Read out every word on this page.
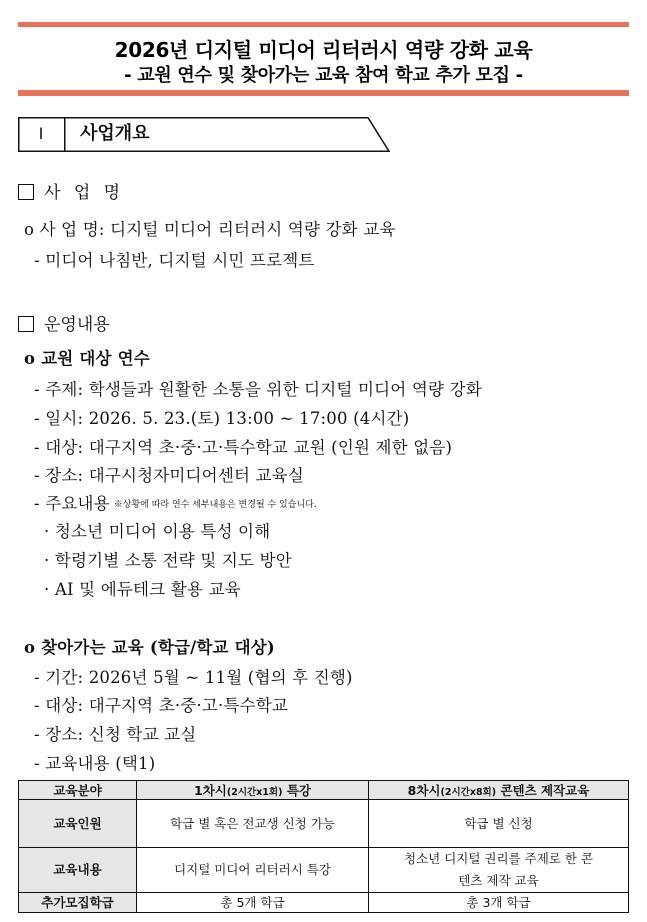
2026년 디지털 미디어 리터러시 역량 강화 교육
- 교원 연수 및 찾아가는 교육 참여 학교 추가 모집 -
Ⅰ	사업개요
사 업 명
o 사 업 명: 디지털 미디어 리터러시 역량 강화 교육
- 미디어 나침반, 디지털 시민 프로젝트
운영내용
o 교원 대상 연수
- 주제: 학생들과 원활한 소통을 위한 디지털 미디어 역량 강화
- 일시: 2026. 5. 23.(토) 13:00 ~ 17:00 (4시간)
- 대상: 대구지역 초·중·고·특수학교 교원 (인원 제한 없음)
- 장소: 대구시청자미디어센터 교육실
- 주요내용 ※상황에 따라 연수 세부내용은 변경될 수 있습니다.
· 청소년 미디어 이용 특성 이해
· 학령기별 소통 전략 및 지도 방안
· AI 및 에듀테크 활용 교육
o 찾아가는 교육 (학급/학교 대상)
- 기간: 2026년 5월 ~ 11월 (협의 후 진행)
- 대상: 대구지역 초·중·고·특수학교
- 장소: 신청 학교 교실
- 교육내용 (택1)
교육분야	1차시(2시간x1회) 특강	8차시(2시간x8회) 콘텐츠 제작교육
교육인원	학급 별 혹은 전교생 신청 가능	학급 별 신청
교육내용	디지털 미디어 리터러시 특강	청소년 디지털 권리를 주제로 한 콘텐츠 제작 교육

추가모집학급	총 5개 학급	총 3개 학급
